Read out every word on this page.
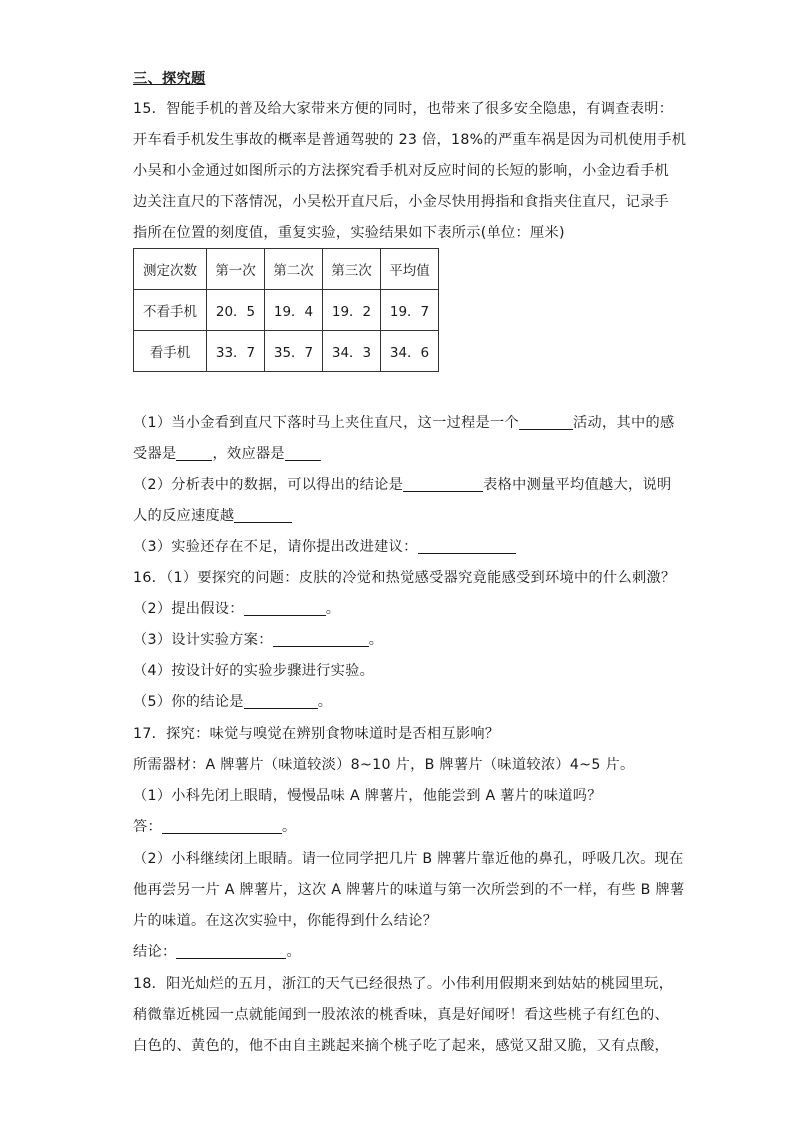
三、探究题
15．智能手机的普及给大家带来方便的同时，也带来了很多安全隐患，有调查表明：
开车看手机发生事故的概率是普通驾驶的 23 倍，18%的严重车祸是因为司机使用手机
小吴和小金通过如图所示的方法探究看手机对反应时间的长短的影响，小金边看手机
边关注直尺的下落情况，小吴松开直尺后，小金尽快用拇指和食指夹住直尺，记录手
指所在位置的刻度值，重复实验，实验结果如下表所示(单位：厘米)
测定次数	第一次	第二次	第三次	平均值
不看手机	20．5	19．4	19．2	19．7
看手机	33．7	35．7	34．3	34．6
（1）当小金看到直尺下落时马上夹住直尺，这一过程是一个	活动，其中的感
受器是	，效应器是
（2）分析表中的数据，可以得出的结论是	表格中测量平均值越大，说明
人的反应速度越
（3）实验还存在不足，请你提出改进建议：
16．（1）要探究的问题：皮肤的冷觉和热觉感受器究竟能感受到环境中的什么刺激？
（2）提出假设：	。
（3）设计实验方案：	。
（4）按设计好的实验步骤进行实验。
（5）你的结论是	。
17．探究：味觉与嗅觉在辨别食物味道时是否相互影响？
所需器材：A 牌薯片（味道较淡）8~10 片，B 牌薯片（味道较浓）4~5 片。
（1）小科先闭上眼睛，慢慢品味 A 牌薯片，他能尝到 A 薯片的味道吗？
答：	。
（2）小科继续闭上眼睛。请一位同学把几片 B 牌薯片靠近他的鼻孔，呼吸几次。现在
他再尝另一片 A 牌薯片，这次 A 牌薯片的味道与第一次所尝到的不一样，有些 B 牌薯
片的味道。在这次实验中，你能得到什么结论？
结论：	。
18．阳光灿烂的五月，浙江的天气已经很热了。小伟利用假期来到姑姑的桃园里玩，
稍微靠近桃园一点就能闻到一股浓浓的桃香味，真是好闻呀！看这些桃子有红色的、
白色的、黄色的，他不由自主跳起来摘个桃子吃了起来，感觉又甜又脆，又有点酸，
